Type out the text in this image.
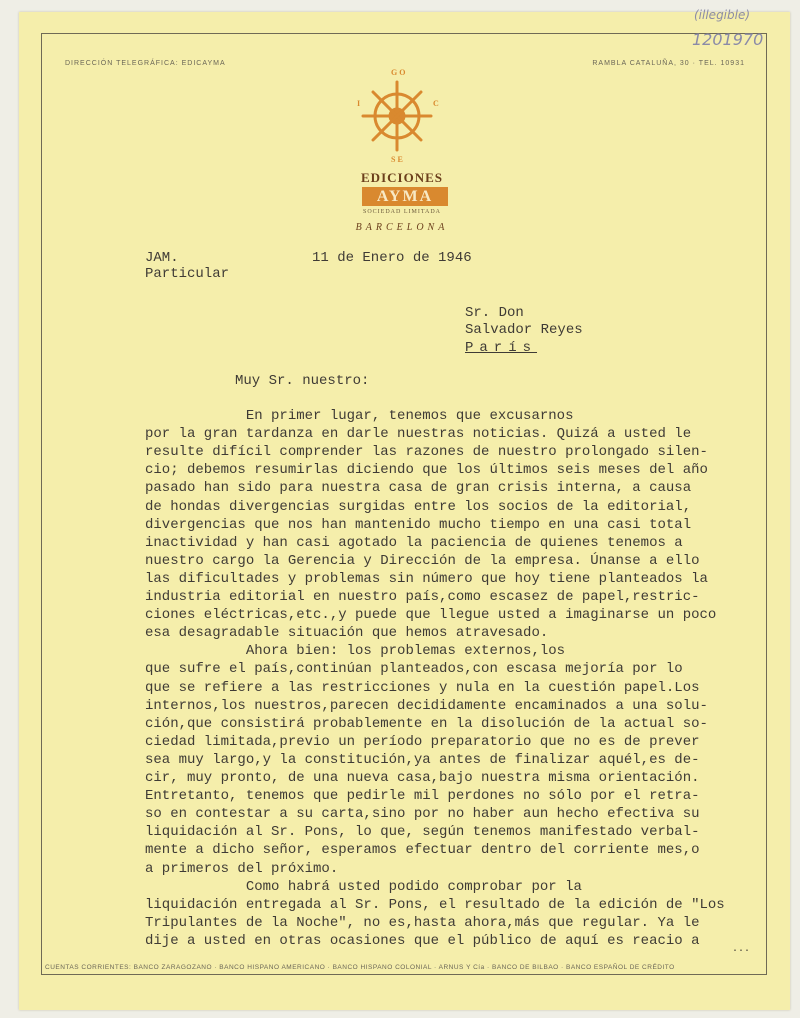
(illegible)
1201970
DIRECCIÓN TELEGRÁFICA: EDICAYMA	RAMBLA CATALUÑA, 30 · TEL. 10931
G O
I	C
S E
EDICIONES
AYMA
SOCIEDAD LIMITADA
BARCELONA
JAM.
Particular
11 de Enero de 1946
Sr. Don
Salvador Reyes
París
Muy Sr. nuestro:
En primer lugar, tenemos que excusarnos
por la gran tardanza en darle nuestras noticias. Quizá a usted le
resulte difícil comprender las razones de nuestro prolongado silen-
cio; debemos resumirlas diciendo que los últimos seis meses del año
pasado han sido para nuestra casa de gran crisis interna, a causa
de hondas divergencias surgidas entre los socios de la editorial,
divergencias que nos han mantenido mucho tiempo en una casi total
inactividad y han casi agotado la paciencia de quienes tenemos a
nuestro cargo la Gerencia y Dirección de la empresa. Únanse a ello
las dificultades y problemas sin número que hoy tiene planteados la
industria editorial en nuestro país,como escasez de papel,restric-
ciones eléctricas,etc.,y puede que llegue usted a imaginarse un poco
esa desagradable situación que hemos atravesado.
Ahora bien: los problemas externos,los
que sufre el país,continúan planteados,con escasa mejoría por lo
que se refiere a las restricciones y nula en la cuestión papel.Los
internos,los nuestros,parecen decididamente encaminados a una solu-
ción,que consistirá probablemente en la disolución de la actual so-
ciedad limitada,previo un período preparatorio que no es de prever
sea muy largo,y la constitución,ya antes de finalizar aquél,es de-
cir, muy pronto, de una nueva casa,bajo nuestra misma orientación.
Entretanto, tenemos que pedirle mil perdones no sólo por el retra-
so en contestar a su carta,sino por no haber aun hecho efectiva su
liquidación al Sr. Pons, lo que, según tenemos manifestado verbal-
mente a dicho señor, esperamos efectuar dentro del corriente mes,o
a primeros del próximo.
Como habrá usted podido comprobar por la
liquidación entregada al Sr. Pons, el resultado de la edición de "Los
Tripulantes de la Noche", no es,hasta ahora,más que regular. Ya le
dije a usted en otras ocasiones que el público de aquí es reacio a
...
CUENTAS CORRIENTES: BANCO ZARAGOZANO · BANCO HISPANO AMERICANO · BANCO HISPANO COLONIAL · ARNUS Y Cía · BANCO DE BILBAO · BANCO ESPAÑOL DE CRÉDITO
